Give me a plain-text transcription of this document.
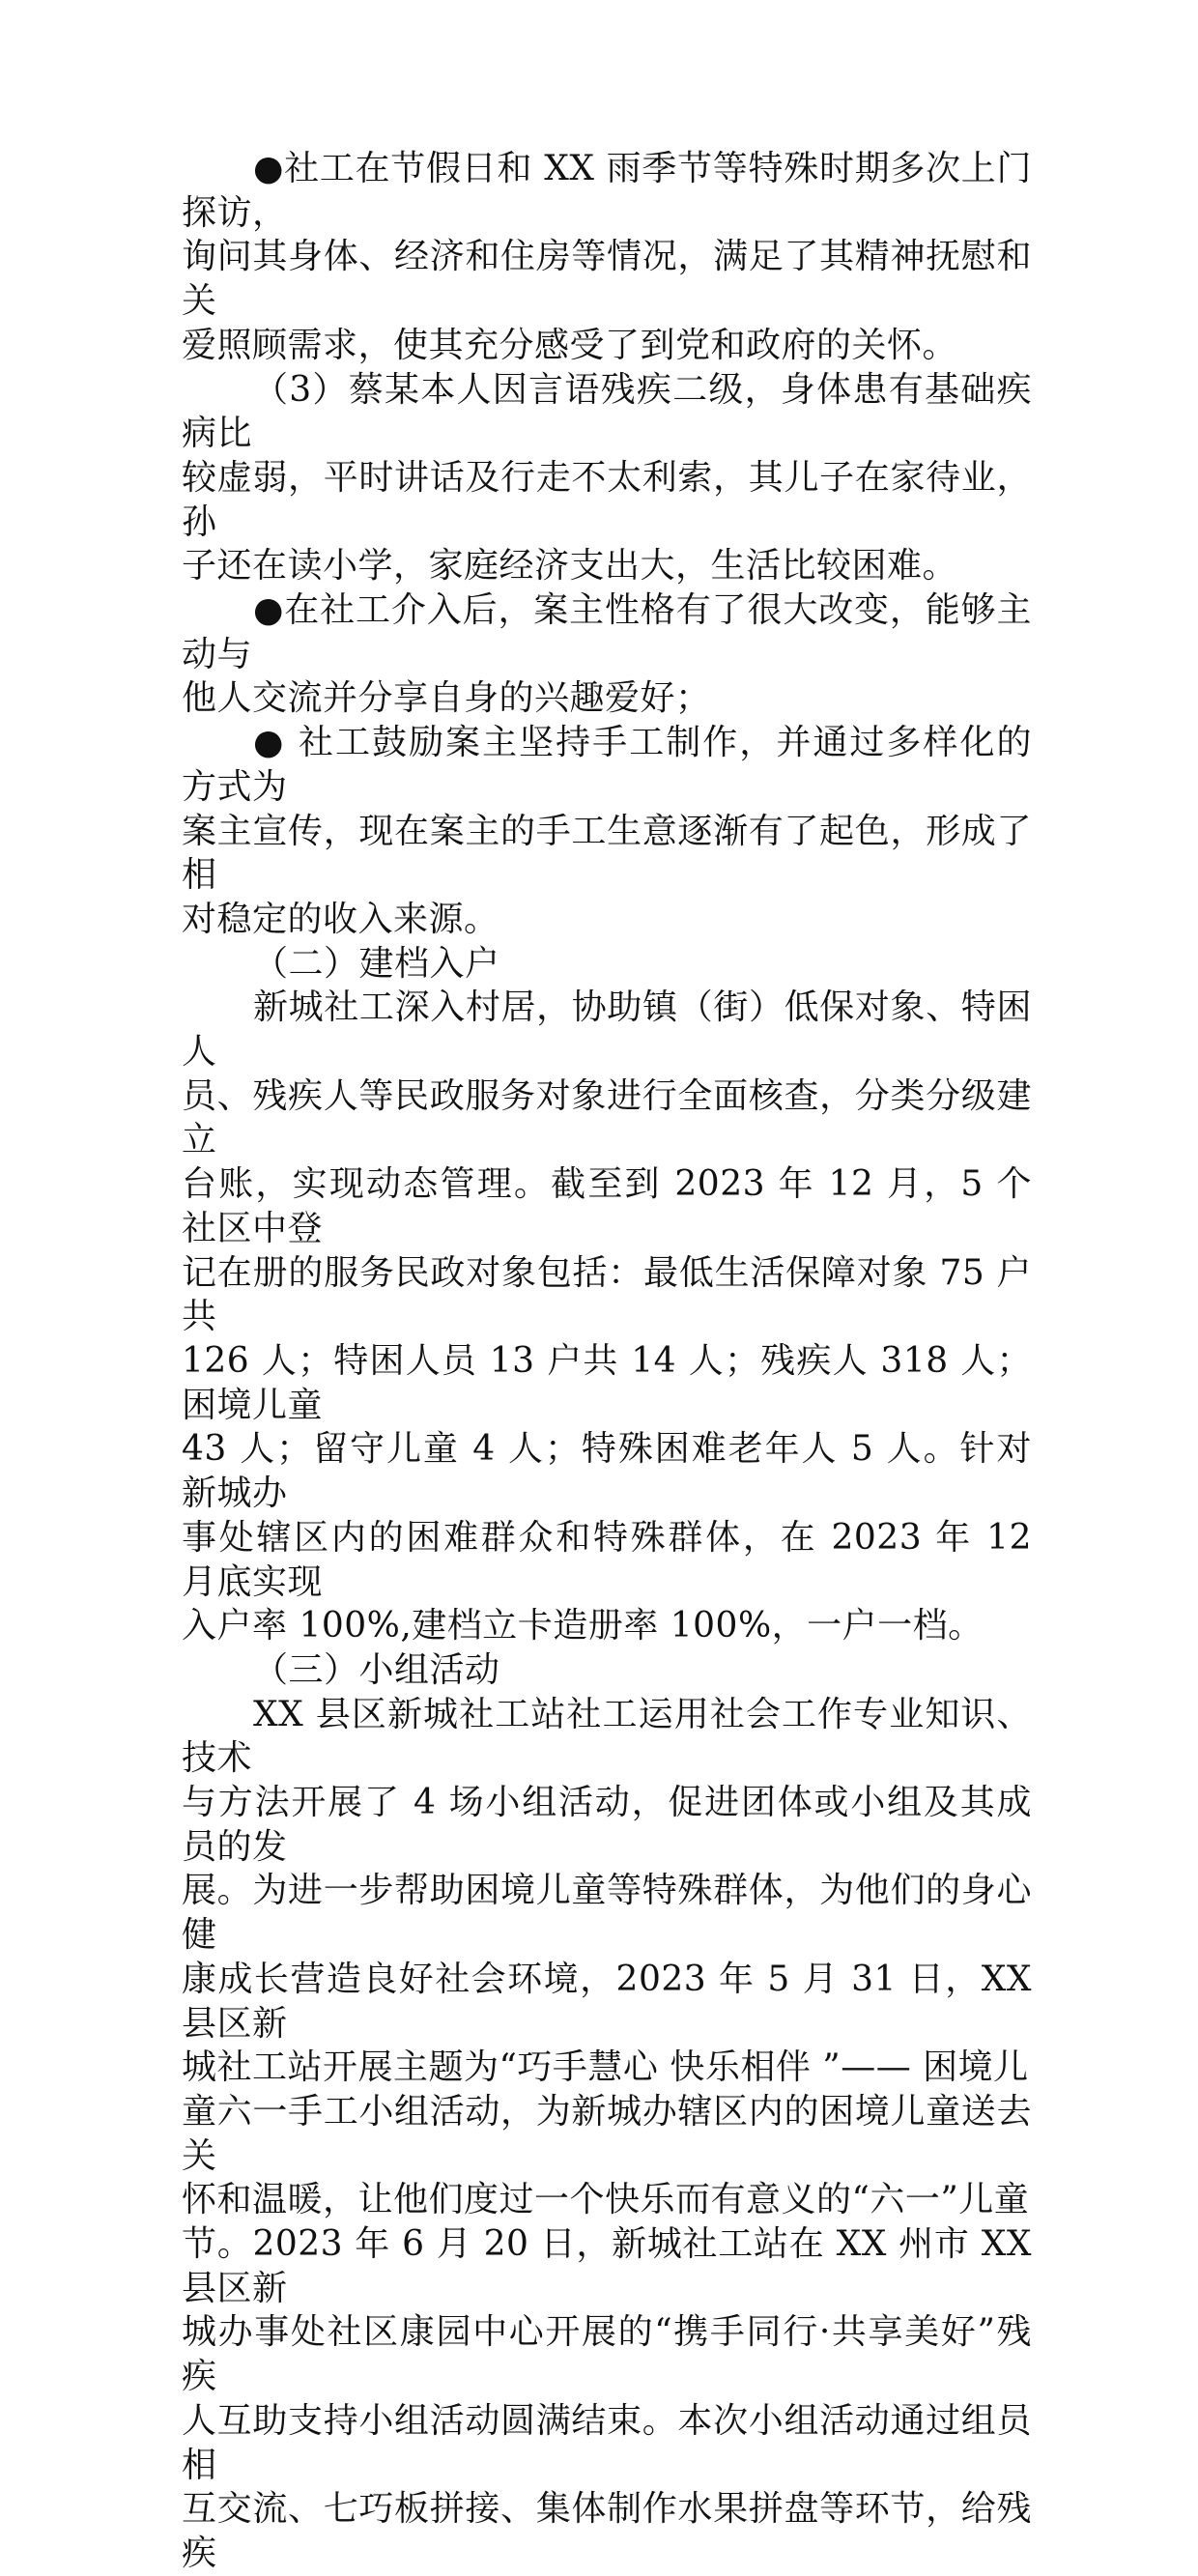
●社工在节假日和 XX 雨季节等特殊时期多次上门探访，
询问其身体、经济和住房等情况，满足了其精神抚慰和关
爱照顾需求，使其充分感受了到党和政府的关怀。

（3）蔡某本人因言语残疾二级，身体患有基础疾病比
较虚弱，平时讲话及行走不太利索，其儿子在家待业，孙
子还在读小学，家庭经济支出大，生活比较困难。

●在社工介入后，案主性格有了很大改变，能够主动与
他人交流并分享自身的兴趣爱好；

● 社工鼓励案主坚持手工制作，并通过多样化的方式为
案主宣传，现在案主的手工生意逐渐有了起色，形成了相
对稳定的收入来源。

（二）建档入户

新城社工深入村居，协助镇（街）低保对象、特困人
员、残疾人等民政服务对象进行全面核查，分类分级建立
台账，实现动态管理。截至到 2023 年 12 月，5 个社区中登
记在册的服务民政对象包括：最低生活保障对象 75 户共
126 人；特困人员 13 户共 14 人；残疾人 318 人；困境儿童
43 人；留守儿童 4 人；特殊困难老年人 5 人。针对新城办
事处辖区内的困难群众和特殊群体，在 2023 年 12 月底实现
入户率 100%,建档立卡造册率 100%，一户一档。

（三）小组活动

XX 县区新城社工站社工运用社会工作专业知识、技术
与方法开展了 4 场小组活动，促进团体或小组及其成员的发
展。为进一步帮助困境儿童等特殊群体，为他们的身心健
康成长营造良好社会环境，2023 年 5 月 31 日，XX 县区新
城社工站开展主题为“巧手慧心 快乐相伴 ”—— 困境儿
童六一手工小组活动，为新城办辖区内的困境儿童送去关
怀和温暖，让他们度过一个快乐而有意义的“六一”儿童
节。2023 年 6 月 20 日，新城社工站在 XX 州市 XX 县区新
城办事处社区康园中心开展的“携手同行·共享美好”残疾
人互助支持小组活动圆满结束。本次小组活动通过组员相
互交流、七巧板拼接、集体制作水果拼盘等环节，给残疾
